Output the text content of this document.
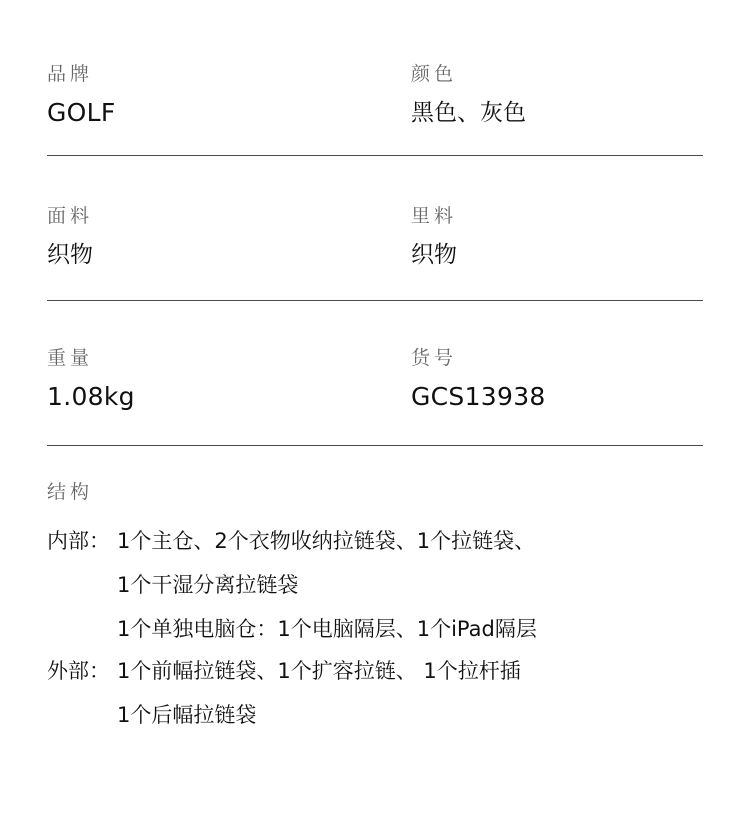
品牌
GOLF
颜色
黑色、灰色
面料
织物
里料
织物
重量
1.08kg
货号
GCS13938
结构
内部： 1个主仓、2个衣物收纳拉链袋、1个拉链袋、
1个干湿分离拉链袋
1个单独电脑仓：1个电脑隔层、1个iPad隔层
外部： 1个前幅拉链袋、1个扩容拉链、 1个拉杆插
1个后幅拉链袋
